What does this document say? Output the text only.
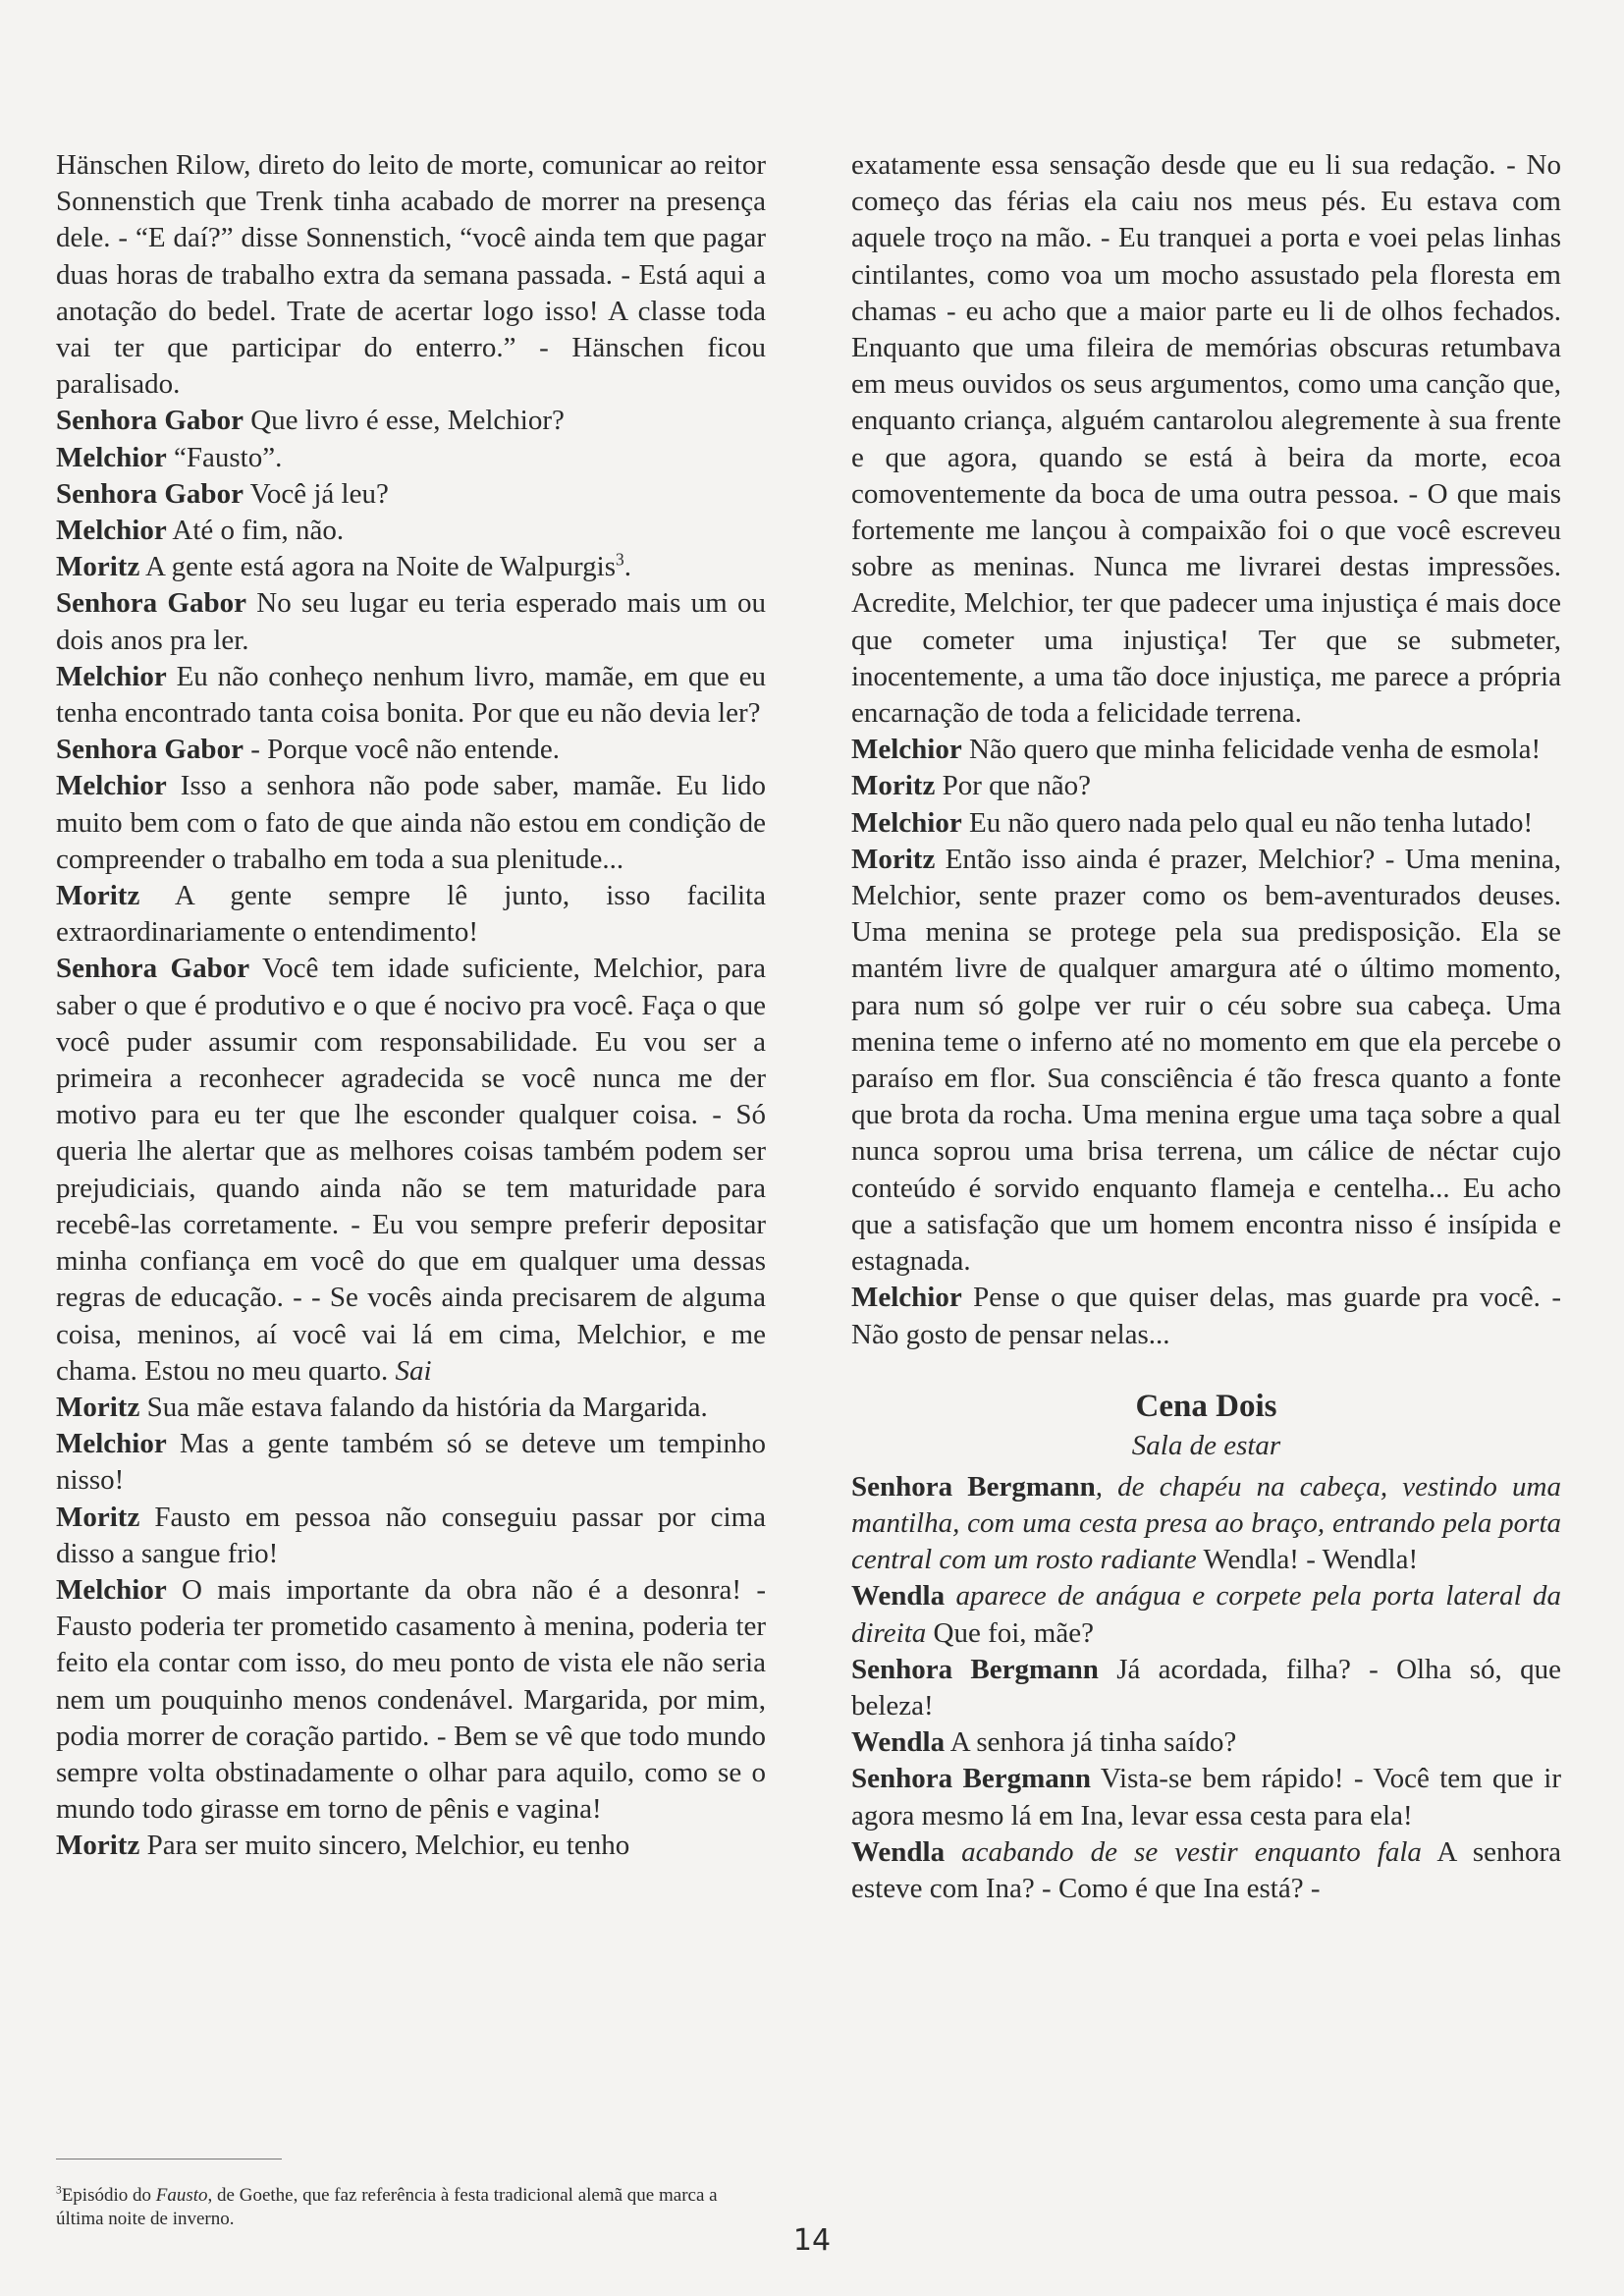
Hänschen Rilow, direto do leito de morte, comunicar ao reitor Sonnenstich que Trenk tinha acabado de morrer na presença dele. - “E daí?” disse Sonnenstich, “você ainda tem que pagar duas horas de trabalho extra da semana passada. - Está aqui a anotação do bedel. Trate de acertar logo isso! A classe toda vai ter que participar do enterro.” - Hänschen ficou paralisado.

Senhora Gabor Que livro é esse, Melchior?

Melchior “Fausto”.

Senhora Gabor Você já leu?

Melchior Até o fim, não.

Moritz A gente está agora na Noite de Walpurgis$^3$.

Senhora Gabor No seu lugar eu teria esperado mais um ou dois anos pra ler.

Melchior Eu não conheço nenhum livro, mamãe, em que eu tenha encontrado tanta coisa bonita. Por que eu não devia ler?

Senhora Gabor - Porque você não entende.

Melchior Isso a senhora não pode saber, mamãe. Eu lido muito bem com o fato de que ainda não estou em condição de compreender o trabalho em toda a sua plenitude...

Moritz A gente sempre lê junto, isso facilita extraordinariamente o entendimento!

Senhora Gabor Você tem idade suficiente, Melchior, para saber o que é produtivo e o que é nocivo pra você. Faça o que você puder assumir com responsabilidade. Eu vou ser a primeira a reconhecer agradecida se você nunca me der motivo para eu ter que lhe esconder qualquer coisa. - Só queria lhe alertar que as melhores coisas também podem ser prejudiciais, quando ainda não se tem maturidade para recebê-las corretamente. - Eu vou sempre preferir depositar minha confiança em você do que em qualquer uma dessas regras de educação. - - Se vocês ainda precisarem de alguma coisa, meninos, aí você vai lá em cima, Melchior, e me chama. Estou no meu quarto. Sai

Moritz Sua mãe estava falando da história da Margarida.

Melchior Mas a gente também só se deteve um tempinho nisso!

Moritz Fausto em pessoa não conseguiu passar por cima disso a sangue frio!

Melchior O mais importante da obra não é a desonra! - Fausto poderia ter prometido casamento à menina, poderia ter feito ela contar com isso, do meu ponto de vista ele não seria nem um pouquinho menos condenável. Margarida, por mim, podia morrer de coração partido. - Bem se vê que todo mundo sempre volta obstinadamente o olhar para aquilo, como se o mundo todo girasse em torno de pênis e vagina!

Moritz Para ser muito sincero, Melchior, eu tenho

exatamente essa sensação desde que eu li sua redação. - No começo das férias ela caiu nos meus pés. Eu estava com aquele troço na mão. - Eu tranquei a porta e voei pelas linhas cintilantes, como voa um mocho assustado pela floresta em chamas - eu acho que a maior parte eu li de olhos fechados. Enquanto que uma fileira de memórias obscuras retumbava em meus ouvidos os seus argumentos, como uma canção que, enquanto criança, alguém cantarolou alegremente à sua frente e que agora, quando se está à beira da morte, ecoa comoventemente da boca de uma outra pessoa. - O que mais fortemente me lançou à compaixão foi o que você escreveu sobre as meninas. Nunca me livrarei destas impressões. Acredite, Melchior, ter que padecer uma injustiça é mais doce que cometer uma injustiça! Ter que se submeter, inocentemente, a uma tão doce injustiça, me parece a própria encarnação de toda a felicidade terrena.

Melchior Não quero que minha felicidade venha de esmola!

Moritz Por que não?

Melchior Eu não quero nada pelo qual eu não tenha lutado!

Moritz Então isso ainda é prazer, Melchior? - Uma menina, Melchior, sente prazer como os bem-aventurados deuses. Uma menina se protege pela sua predisposição. Ela se mantém livre de qualquer amargura até o último momento, para num só golpe ver ruir o céu sobre sua cabeça. Uma menina teme o inferno até no momento em que ela percebe o paraíso em flor. Sua consciência é tão fresca quanto a fonte que brota da rocha. Uma menina ergue uma taça sobre a qual nunca soprou uma brisa terrena, um cálice de néctar cujo conteúdo é sorvido enquanto flameja e centelha... Eu acho que a satisfação que um homem encontra nisso é insípida e estagnada.

Melchior Pense o que quiser delas, mas guarde pra você. - Não gosto de pensar nelas...

Cena Dois
Sala de estar

Senhora Bergmann, de chapéu na cabeça, vestindo uma mantilha, com uma cesta presa ao braço, entrando pela porta central com um rosto radiante Wendla! - Wendla!

Wendla aparece de anágua e corpete pela porta lateral da direita Que foi, mãe?

Senhora Bergmann Já acordada, filha? - Olha só, que beleza!

Wendla A senhora já tinha saído?

Senhora Bergmann Vista-se bem rápido! - Você tem que ir agora mesmo lá em Ina, levar essa cesta para ela!

Wendla acabando de se vestir enquanto fala A senhora esteve com Ina? - Como é que Ina está? -

$^3$Episódio do Fausto, de Goethe, que faz referência à festa tradicional alemã que marca a última noite de inverno.
14
